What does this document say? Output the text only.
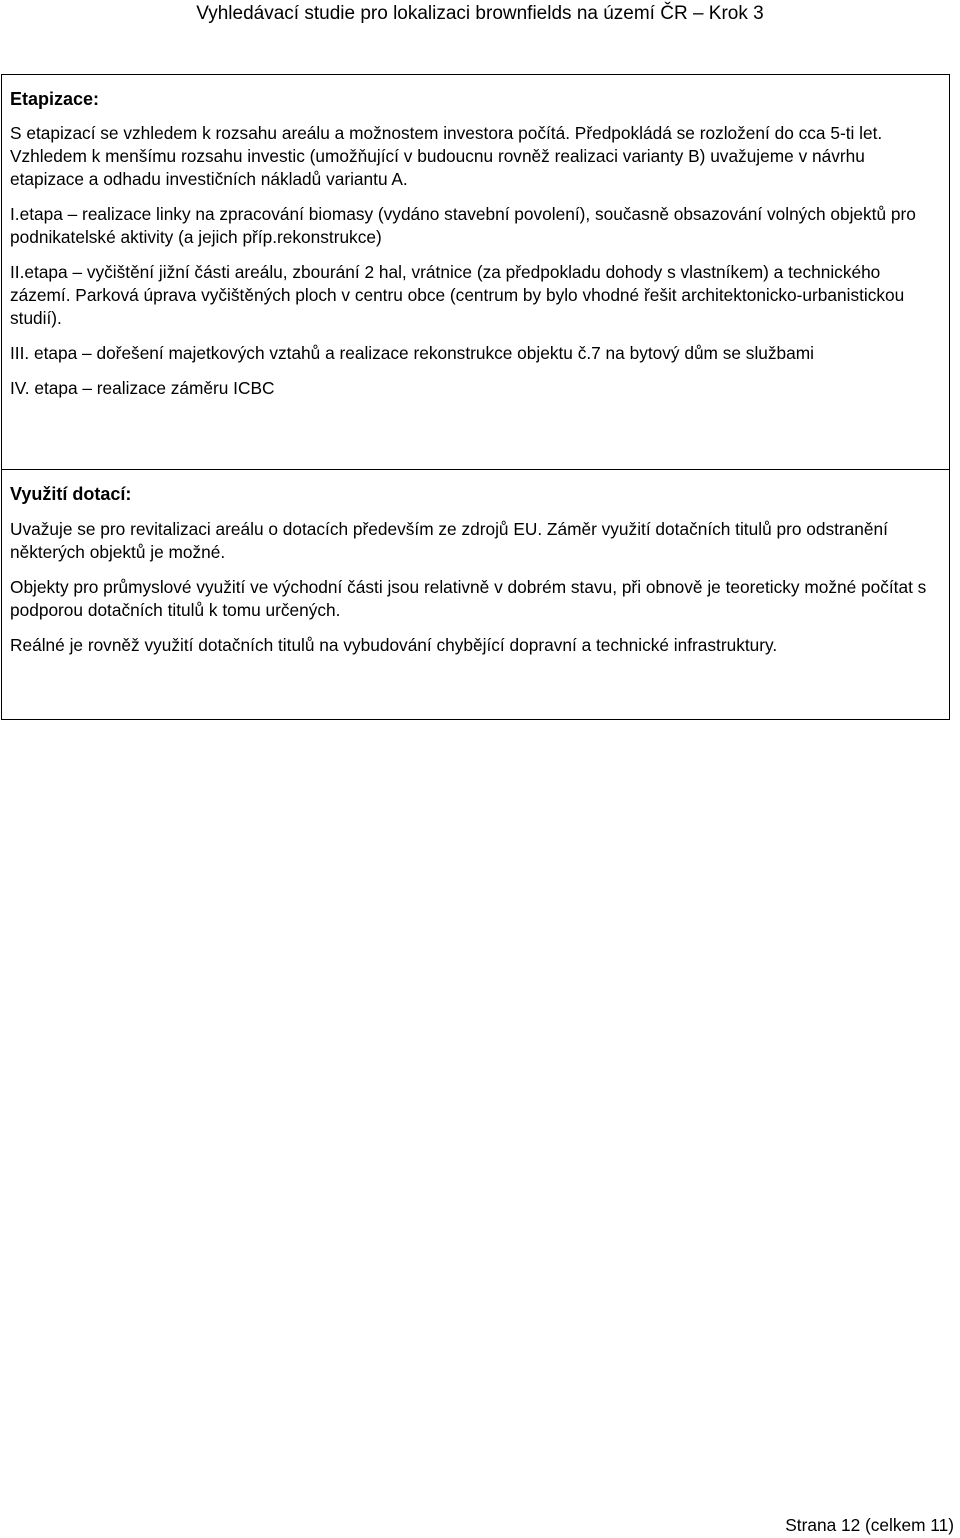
Vyhledávací studie pro lokalizaci brownfields na území ČR – Krok 3
Etapizace:

S etapizací se vzhledem k rozsahu areálu a možnostem investora počítá. Předpokládá se rozložení do cca 5-ti let. Vzhledem k menšímu rozsahu investic (umožňující v budoucnu rovněž realizaci varianty B) uvažujeme v návrhu etapizace a odhadu investičních nákladů variantu A.

I.etapa – realizace linky na zpracování biomasy (vydáno stavební povolení), současně obsazování volných objektů pro podnikatelské aktivity (a jejich příp.rekonstrukce)

II.etapa – vyčištění jižní části areálu, zbourání 2 hal, vrátnice (za předpokladu dohody s vlastníkem) a technického zázemí. Parková úprava vyčištěných ploch v centru obce (centrum by bylo vhodné řešit architektonicko-urbanistickou studií).

III. etapa – dořešení majetkových vztahů a realizace rekonstrukce objektu č.7 na bytový dům se službami

IV. etapa – realizace záměru ICBC

Využití dotací:

Uvažuje se pro revitalizaci areálu o dotacích především ze zdrojů EU. Záměr využití dotačních titulů pro odstranění některých objektů je možné.

Objekty pro průmyslové využití ve východní části jsou relativně v dobrém stavu, při obnově je teoreticky možné počítat s podporou dotačních titulů k tomu určených.

Reálné je rovněž využití dotačních titulů na vybudování chybějící dopravní a technické infrastruktury.

Strana 12 (celkem 11)
